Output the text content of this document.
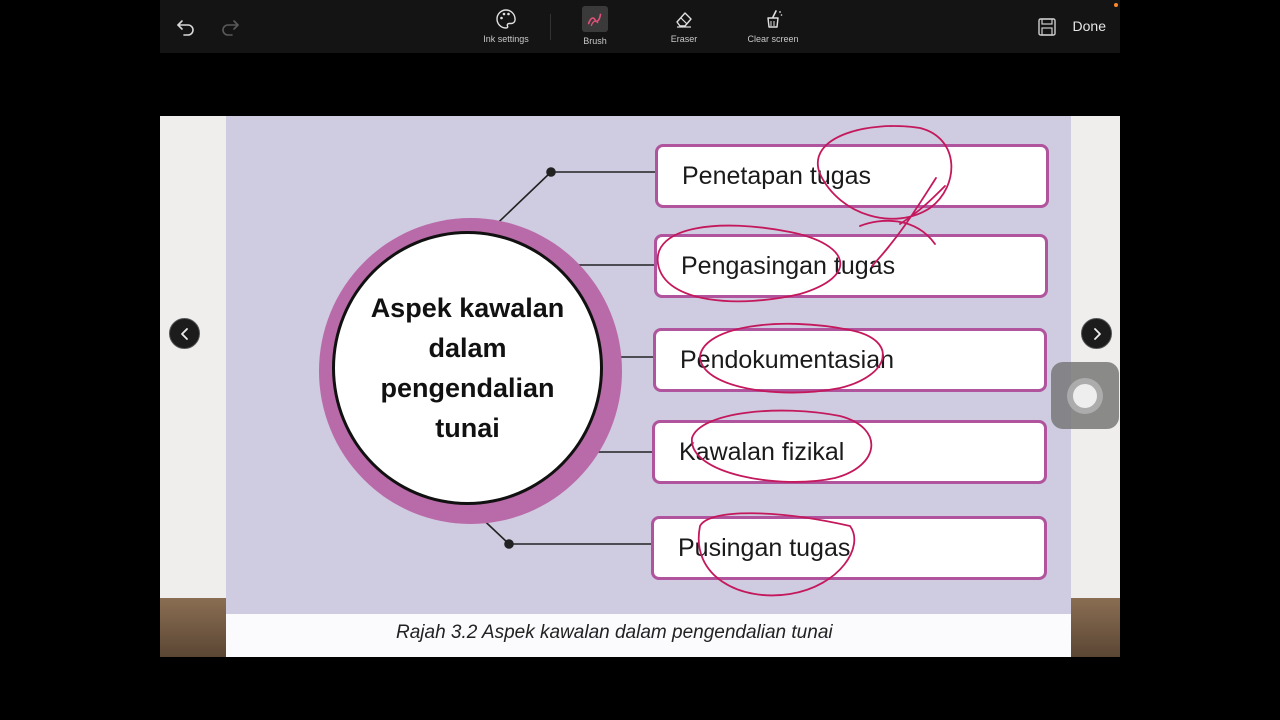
Ink settings	Brush	Eraser	Clear screen
Done
Aspek kawalan dalam pengendalian tunai
Penetapan tugas
Pengasingan tugas
Pendokumentasian
Kawalan fizikal
Pusingan tugas
Rajah 3.2 Aspek kawalan dalam pengendalian tunai
